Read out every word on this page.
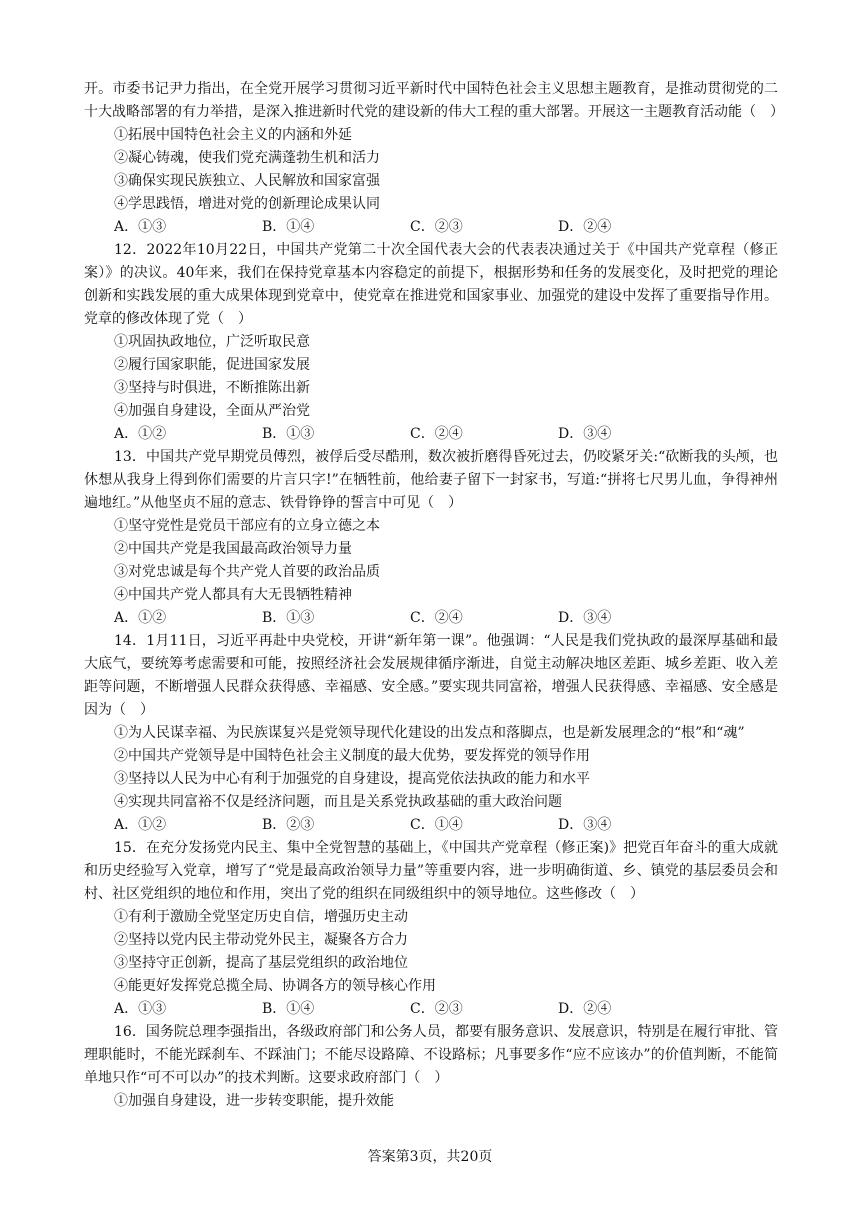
开。市委书记尹力指出，在全党开展学习贯彻习近平新时代中国特色社会主义思想主题教育，是推动贯彻党的二十大战略部署的有力举措，是深入推进新时代党的建设新的伟大工程的重大部署。开展这一主题教育活动能（　）

①拓展中国特色社会主义的内涵和外延

②凝心铸魂，使我们党充满蓬勃生机和活力

③确保实现民族独立、人民解放和国家富强

④学思践悟，增进对党的创新理论成果认同

A．①③	B．①④	C．②③	D．②④

12．2022年10月22日，中国共产党第二十次全国代表大会的代表表决通过关于《中国共产党章程（修正案）》的决议。40年来，我们在保持党章基本内容稳定的前提下，根据形势和任务的发展变化，及时把党的理论创新和实践发展的重大成果体现到党章中，使党章在推进党和国家事业、加强党的建设中发挥了重要指导作用。党章的修改体现了党（　）

①巩固执政地位，广泛听取民意

②履行国家职能，促进国家发展

③坚持与时俱进，不断推陈出新

④加强自身建设，全面从严治党

A．①②	B．①③	C．②④	D．③④

13．中国共产党早期党员傅烈，被俘后受尽酷刑，数次被折磨得昏死过去，仍咬紧牙关:“砍断我的头颅，也休想从我身上得到你们需要的片言只字!”在牺牲前，他给妻子留下一封家书，写道:“拼将七尺男儿血，争得神州遍地红。”从他坚贞不屈的意志、铁骨铮铮的誓言中可见（　）

①坚守党性是党员干部应有的立身立德之本

②中国共产党是我国最高政治领导力量

③对党忠诚是每个共产党人首要的政治品质

④中国共产党人都具有大无畏牺牲精神

A．①②	B．①③	C．②④	D．③④

14．1月11日，习近平再赴中央党校，开讲“新年第一课”。他强调：“人民是我们党执政的最深厚基础和最大底气，要统筹考虑需要和可能，按照经济社会发展规律循序渐进，自觉主动解决地区差距、城乡差距、收入差距等问题，不断增强人民群众获得感、幸福感、安全感。”要实现共同富裕，增强人民获得感、幸福感、安全感是因为（　）

①为人民谋幸福、为民族谋复兴是党领导现代化建设的出发点和落脚点，也是新发展理念的“根”和“魂”

②中国共产党领导是中国特色社会主义制度的最大优势，要发挥党的领导作用

③坚持以人民为中心有利于加强党的自身建设，提高党依法执政的能力和水平

④实现共同富裕不仅是经济问题，而且是关系党执政基础的重大政治问题

A．①②	B．②③	C．①④	D．③④

15．在充分发扬党内民主、集中全党智慧的基础上，《中国共产党章程（修正案)》把党百年奋斗的重大成就和历史经验写入党章，增写了“党是最高政治领导力量”等重要内容，进一步明确街道、乡、镇党的基层委员会和村、社区党组织的地位和作用，突出了党的组织在同级组织中的领导地位。这些修改（　）

①有利于激励全党坚定历史自信，增强历史主动

②坚持以党内民主带动党外民主，凝聚各方合力

③坚持守正创新，提高了基层党组织的政治地位

④能更好发挥党总揽全局、协调各方的领导核心作用

A．①③	B．①④	C．②③	D．②④

16．国务院总理李强指出，各级政府部门和公务人员，都要有服务意识、发展意识，特别是在履行审批、管理职能时，不能光踩刹车、不踩油门；不能尽设路障、不设路标；凡事要多作“应不应该办”的价值判断，不能简单地只作“可不可以办”的技术判断。这要求政府部门（　）

①加强自身建设，进一步转变职能，提升效能

答案第3页，共20页
